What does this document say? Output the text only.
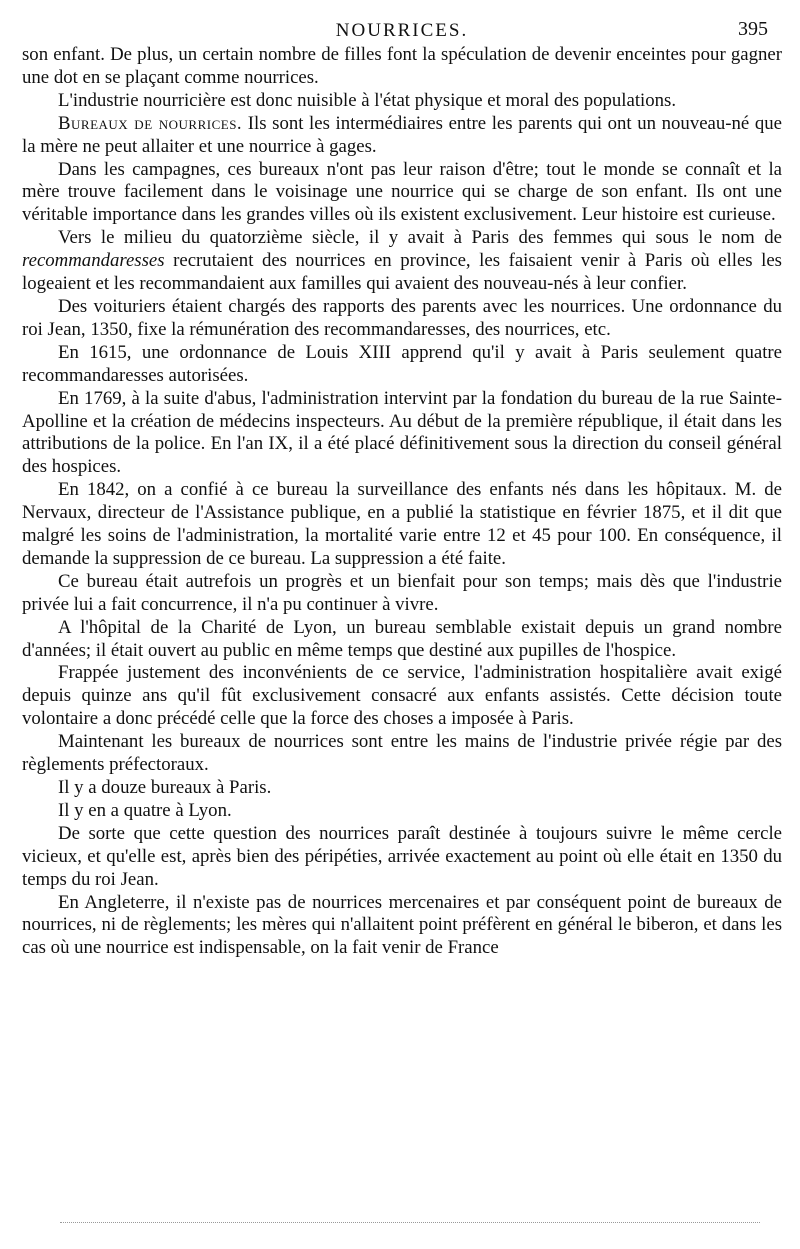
NOURRICES.	395

son enfant. De plus, un certain nombre de filles font la spéculation de devenir enceintes pour gagner une dot en se plaçant comme nourrices.

L'industrie nourricière est donc nuisible à l'état physique et moral des populations.

Bureaux de nourrices. Ils sont les intermédiaires entre les parents qui ont un nouveau-né que la mère ne peut allaiter et une nourrice à gages.

Dans les campagnes, ces bureaux n'ont pas leur raison d'être; tout le monde se connaît et la mère trouve facilement dans le voisinage une nourrice qui se charge de son enfant. Ils ont une véritable importance dans les grandes villes où ils existent exclusivement. Leur histoire est curieuse.

Vers le milieu du quatorzième siècle, il y avait à Paris des femmes qui sous le nom de recommandaresses recrutaient des nourrices en province, les faisaient venir à Paris où elles les logeaient et les recommandaient aux familles qui avaient des nouveau-nés à leur confier.

Des voituriers étaient chargés des rapports des parents avec les nourrices. Une ordonnance du roi Jean, 1350, fixe la rémunération des recommandaresses, des nourrices, etc.

En 1615, une ordonnance de Louis XIII apprend qu'il y avait à Paris seulement quatre recommandaresses autorisées.

En 1769, à la suite d'abus, l'administration intervint par la fondation du bureau de la rue Sainte-Apolline et la création de médecins inspecteurs. Au début de la première république, il était dans les attributions de la police. En l'an IX, il a été placé définitivement sous la direction du conseil général des hospices.

En 1842, on a confié à ce bureau la surveillance des enfants nés dans les hôpitaux. M. de Nervaux, directeur de l'Assistance publique, en a publié la statistique en février 1875, et il dit que malgré les soins de l'administration, la mortalité varie entre 12 et 45 pour 100. En conséquence, il demande la suppression de ce bureau. La suppression a été faite.

Ce bureau était autrefois un progrès et un bienfait pour son temps; mais dès que l'industrie privée lui a fait concurrence, il n'a pu continuer à vivre.

A l'hôpital de la Charité de Lyon, un bureau semblable existait depuis un grand nombre d'années; il était ouvert au public en même temps que destiné aux pupilles de l'hospice.

Frappée justement des inconvénients de ce service, l'administration hospitalière avait exigé depuis quinze ans qu'il fût exclusivement consacré aux enfants assistés. Cette décision toute volontaire a donc précédé celle que la force des choses a imposée à Paris.

Maintenant les bureaux de nourrices sont entre les mains de l'industrie privée régie par des règlements préfectoraux.

Il y a douze bureaux à Paris.

Il y en a quatre à Lyon.

De sorte que cette question des nourrices paraît destinée à toujours suivre le même cercle vicieux, et qu'elle est, après bien des péripéties, arrivée exactement au point où elle était en 1350 du temps du roi Jean.

En Angleterre, il n'existe pas de nourrices mercenaires et par conséquent point de bureaux de nourrices, ni de règlements; les mères qui n'allaitent point préfèrent en général le biberon, et dans les cas où une nourrice est indispensable, on la fait venir de France
